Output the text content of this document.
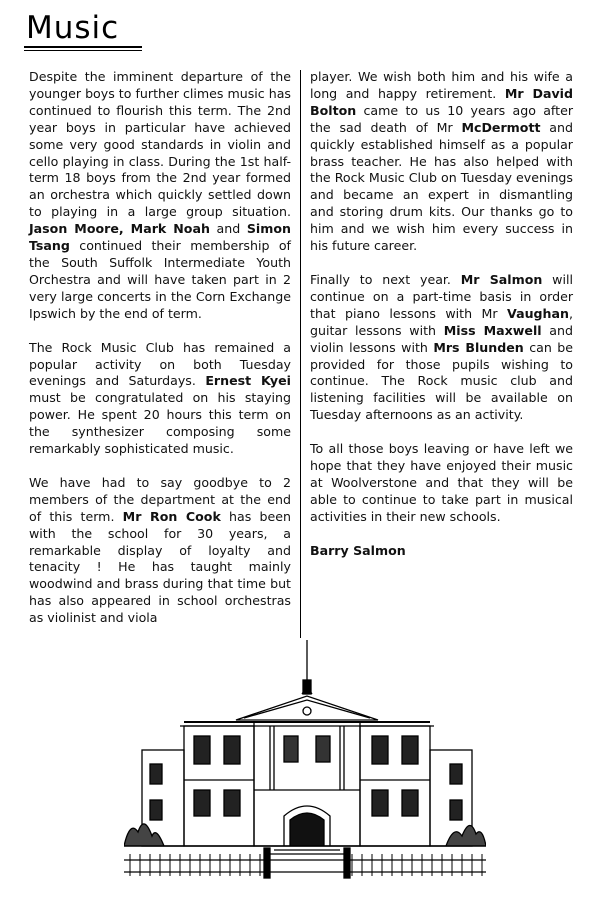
Music

Despite the imminent departure of the younger boys to further climes music has continued to flourish this term. The 2nd year boys in particular have achieved some very good standards in violin and cello playing in class. During the 1st half-term 18 boys from the 2nd year formed an orchestra which quickly settled down to playing in a large group situation. Jason Moore, Mark Noah and Simon Tsang continued their membership of the South Suffolk Intermediate Youth Orchestra and will have taken part in 2 very large concerts in the Corn Exchange Ipswich by the end of term.

The Rock Music Club has remained a popular activity on both Tuesday evenings and Saturdays. Ernest Kyei must be congratulated on his staying power. He spent 20 hours this term on the synthesizer composing some remarkably sophisticated music.

We have had to say goodbye to 2 members of the department at the end of this term. Mr Ron Cook has been with the school for 30 years, a remarkable display of loyalty and tenacity ! He has taught mainly woodwind and brass during that time but has also appeared in school orchestras as violinist and viola

player. We wish both him and his wife a long and happy retirement. Mr David Bolton came to us 10 years ago after the sad death of Mr McDermott and quickly established himself as a popular brass teacher. He has also helped with the Rock Music Club on Tuesday evenings and became an expert in dismantling and storing drum kits. Our thanks go to him and we wish him every success in his future career.

Finally to next year. Mr Salmon will continue on a part-time basis in order that piano lessons with Mr Vaughan, guitar lessons with Miss Maxwell and violin lessons with Mrs Blunden can be provided for those pupils wishing to continue. The Rock music club and listening facilities will be available on Tuesday afternoons as an activity.

To all those boys leaving or have left we hope that they have enjoyed their music at Woolverstone and that they will be able to continue to take part in musical activities in their new schools.

Barry Salmon
